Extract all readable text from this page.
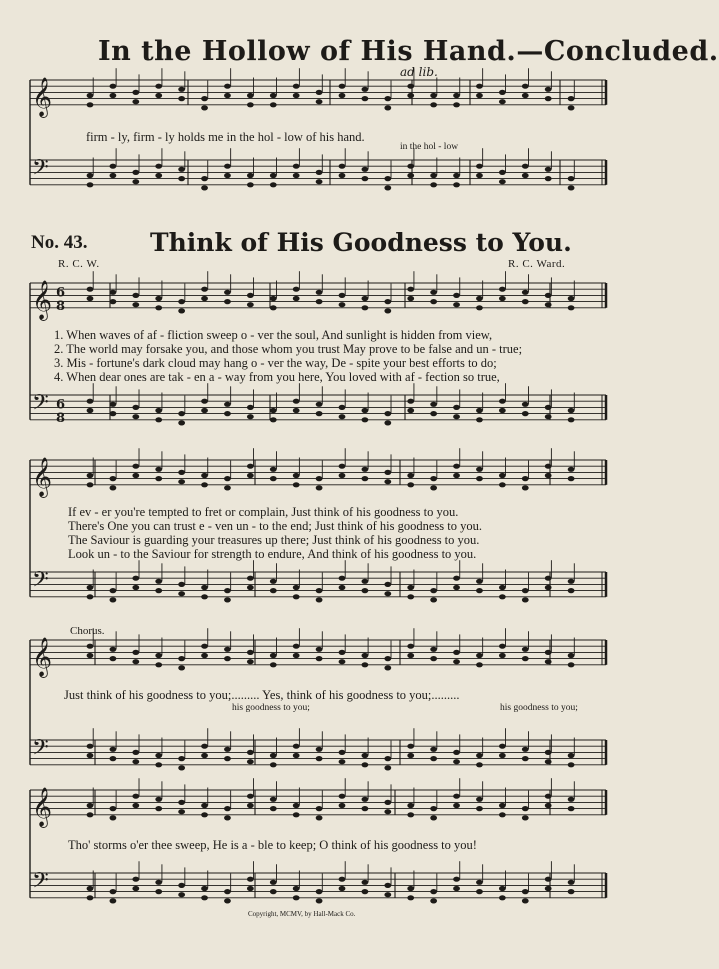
𝄞
𝄢
𝄞
𝄢
𝄞
𝄢
𝄞
𝄢
𝄞
𝄢
6
8
6
8
In the Hollow of His Hand.—Concluded.
ad lib.
firm - ly, firm - ly holds me in the hol - low of his hand.
in the hol - low
No. 43.	Think of His Goodness to You.
R. C. W.	R. C. Ward.
1. When waves of af - fliction sweep o - ver the soul, And sunlight is hidden from view,
2. The world may forsake you, and those whom you trust May prove to be false and un - true;
3. Mis - fortune's dark cloud may hang o - ver the way, De - spite your best efforts to do;
4. When dear ones are tak - en a - way from you here, You loved with af - fection so true,
If ev - er you're tempted to fret or complain, Just think of his goodness to you.
There's One you can trust e - ven un - to the end; Just think of his goodness to you.
The Saviour is guarding your treasures up there; Just think of his goodness to you.
Look un - to the Saviour for strength to endure, And think of his goodness to you.
Chorus.
Just think of his goodness to you;......... Yes, think of his goodness to you;.........
his goodness to you;	his goodness to you;
Tho' storms o'er thee sweep, He is a - ble to keep; O think of his goodness to you!
Copyright, MCMV, by Hall-Mack Co.
